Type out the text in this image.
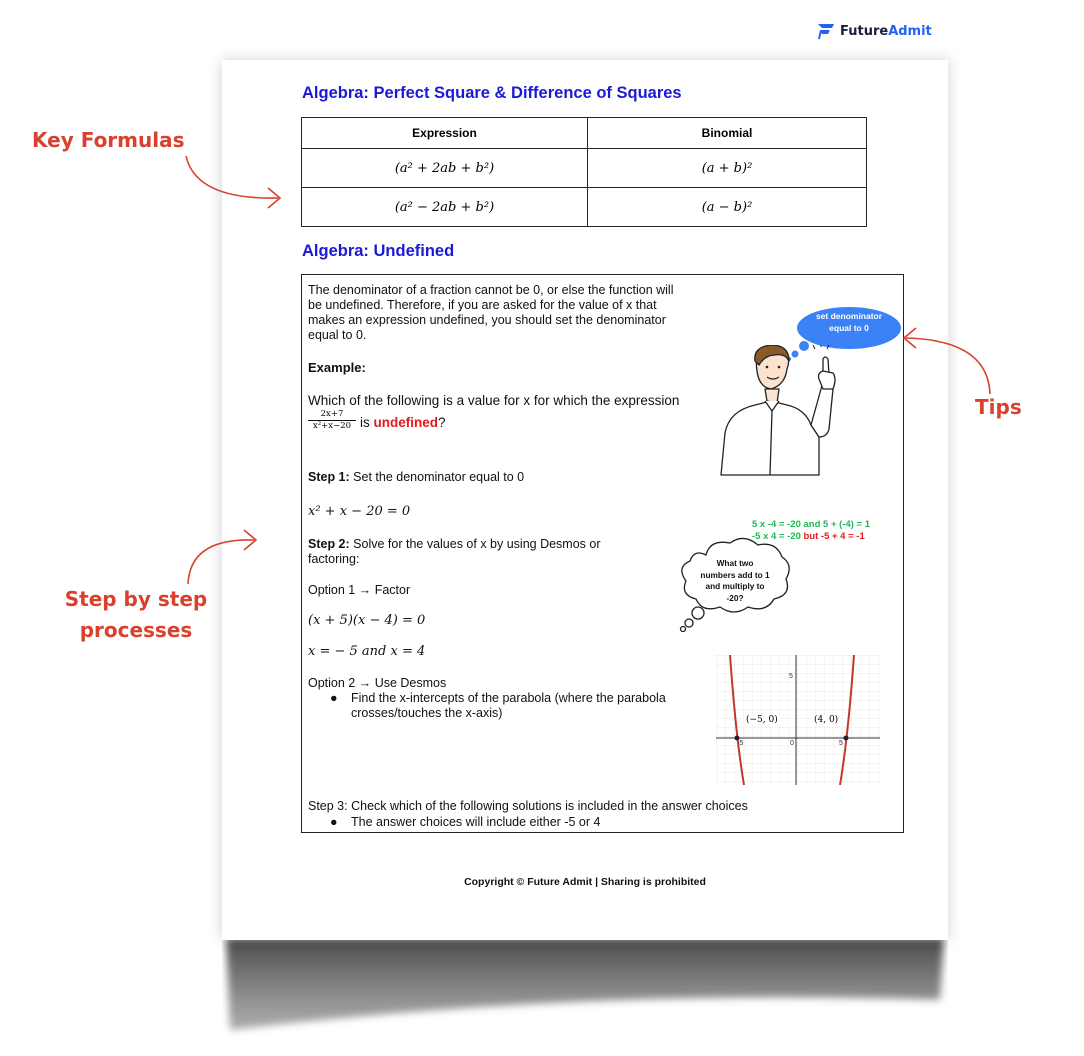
FutureAdmit
Algebra: Perfect Square & Difference of Squares
Expression	Binomial
(a² + 2ab + b²)	(a + b)²
(a² − 2ab + b²)	(a − b)²
Algebra: Undefined
The denominator of a fraction cannot be 0, or else the function will
be undefined. Therefore, if you are asked for the value of x that
makes an expression undefined, you should set the denominator
equal to 0.
Example:
Which of the following is a value for x for which the expression
$\frac{2x+7}{\text{x²+x−20}}$ is undefined?
Step 1: Set the denominator equal to 0
x² + x − 20 = 0
Step 2: Solve for the values of x by using Desmos or
factoring:
Option 1 → Factor
(x + 5)(x − 4) = 0
x = − 5 and x = 4
Option 2 → Use Desmos
● Find the x-intercepts of the parabola (where the parabola
crosses/touches the x-axis)
Step 3: Check which of the following solutions is included in the answer choices
● The answer choices will include either -5 or 4
set denominator
equal to 0
5 x -4 = -20 and 5 + (-4) = 1
-5 x 4 = -20 but -5 + 4 = -1
What two
numbers add to 1
and multiply to
-20?
(−5, 0)	(4, 0)
5
0
-5	5
Copyright © Future Admit | Sharing is prohibited
Key Formulas
Tips
Step by step
processes
